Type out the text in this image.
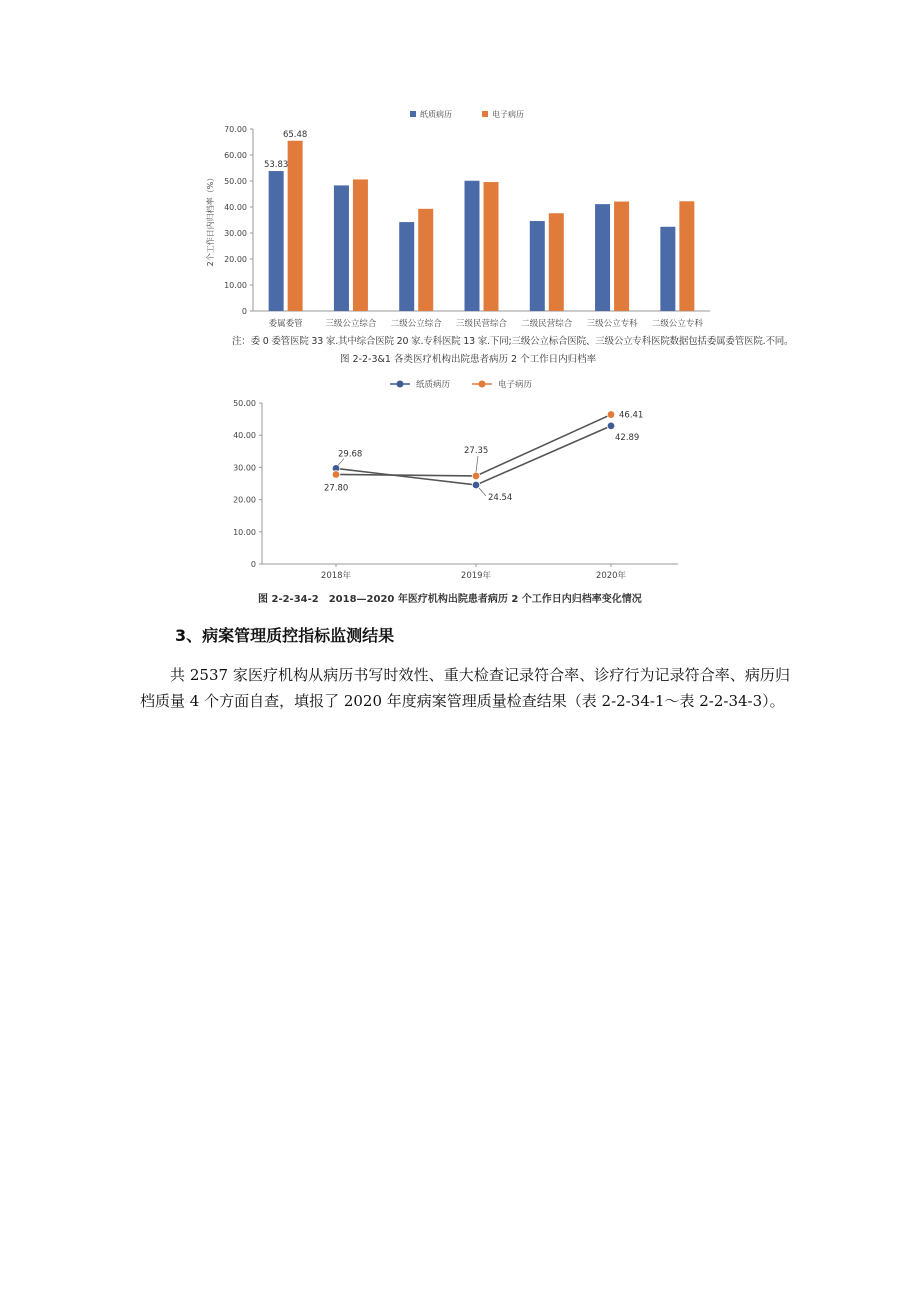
0
10.00
20.00
30.00
40.00
50.00
60.00
70.00
2个工作日内归档率（%）
纸质病历	电子病历
委属委管	三级公立综合 二级公立综合 三级民营综合 二级民营综合 三级公立专科 二级公立专科
53.83
65.48
注：委 0 委管医院 33 家.其中综合医院 20 家.专科医院 13 家.下同;三级公立标合医院、三级公立专科医院数据包括委属委管医院.不同。
图 2-2-3&1 各类医疗机构出院患者病历 2 个工作日内归档率
0
10.00
20.00
30.00
40.00
50.00
2018年	2019年	2020年
纸质病历	电子病历
29.68
27.80
27.35
24.54
46.41
42.89
图 2-2-34-2　2018—2020 年医疗机构出院患者病历 2 个工作日内归档率变化情况
3、病案管理质控指标监测结果
共 2537 家医疗机构从病历书写时效性、重大检查记录符合率、诊疗行为记录符合率、病历归档质量 4 个方面自查，填报了 2020 年度病案管理质量检查结果（表 2-2-34-1～表 2-2-34-3）。
